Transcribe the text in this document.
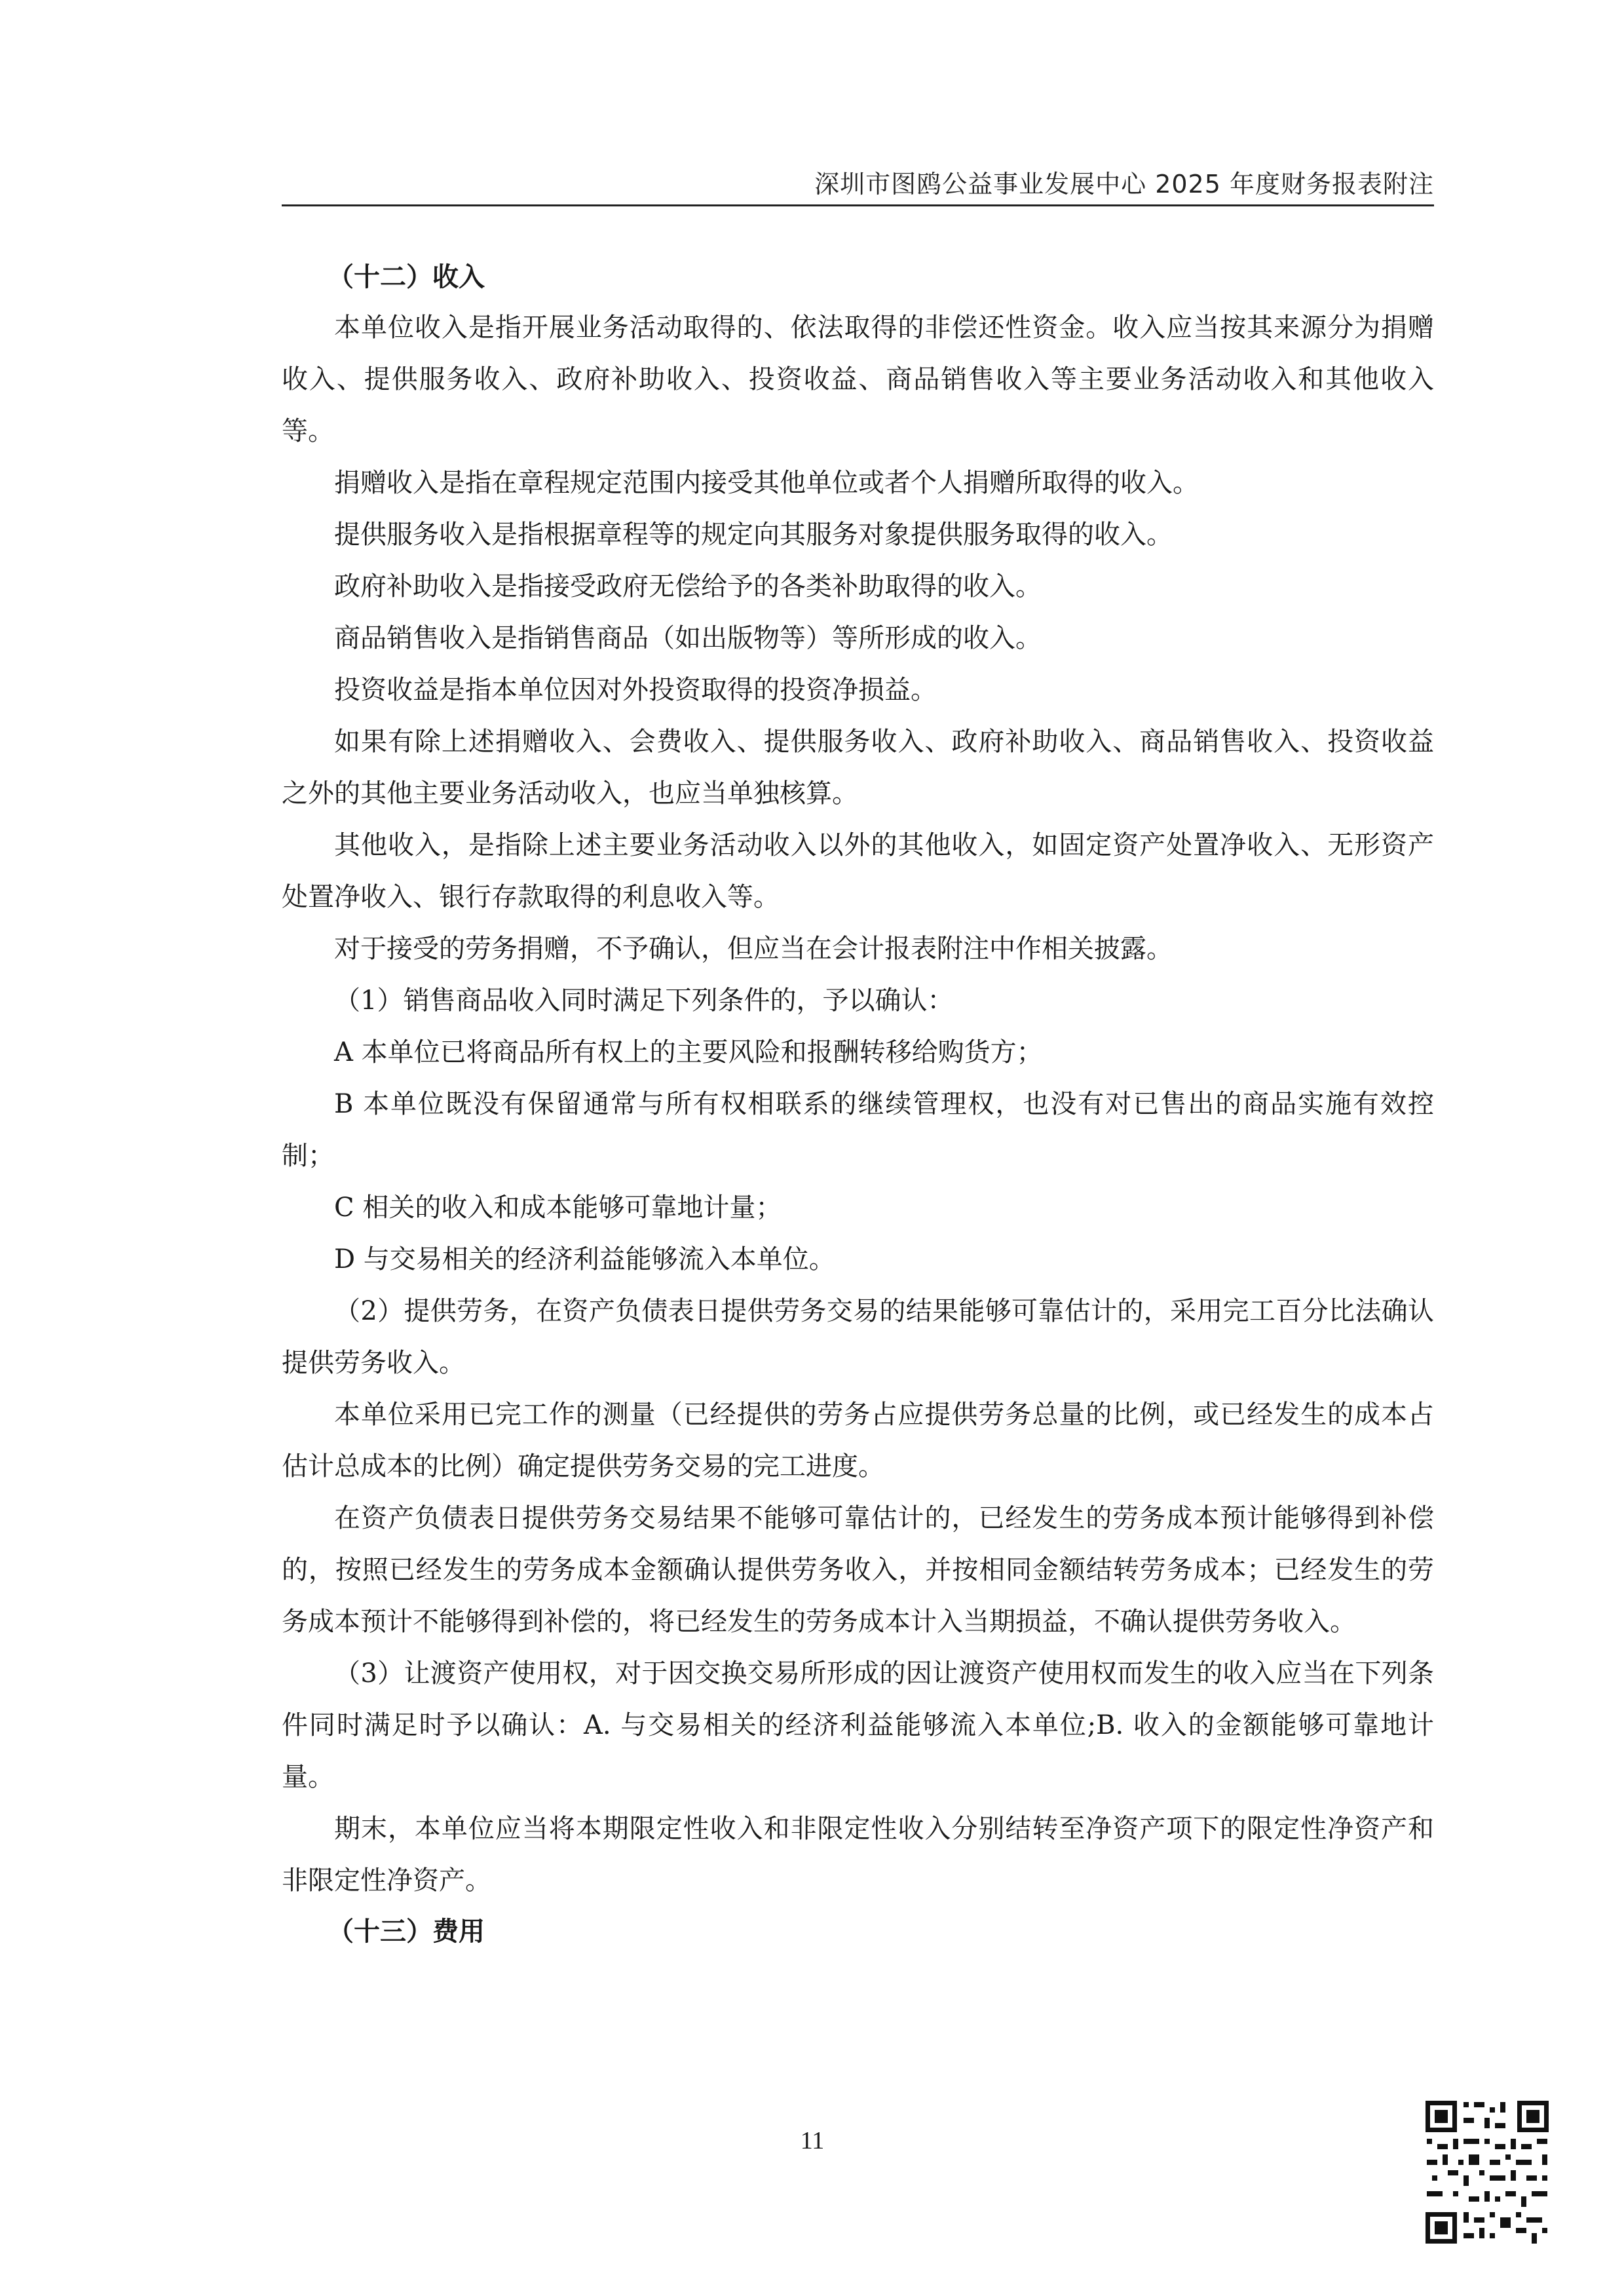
深圳市图鸥公益事业发展中心 2025 年度财务报表附注
（十二）收入

本单位收入是指开展业务活动取得的、依法取得的非偿还性资金。收入应当按其来源分为捐赠收入、提供服务收入、政府补助收入、投资收益、商品销售收入等主要业务活动收入和其他收入等。

捐赠收入是指在章程规定范围内接受其他单位或者个人捐赠所取得的收入。

提供服务收入是指根据章程等的规定向其服务对象提供服务取得的收入。

政府补助收入是指接受政府无偿给予的各类补助取得的收入。

商品销售收入是指销售商品（如出版物等）等所形成的收入。

投资收益是指本单位因对外投资取得的投资净损益。

如果有除上述捐赠收入、会费收入、提供服务收入、政府补助收入、商品销售收入、投资收益之外的其他主要业务活动收入，也应当单独核算。

其他收入，是指除上述主要业务活动收入以外的其他收入，如固定资产处置净收入、无形资产处置净收入、银行存款取得的利息收入等。

对于接受的劳务捐赠，不予确认，但应当在会计报表附注中作相关披露。

（1）销售商品收入同时满足下列条件的，予以确认：

A 本单位已将商品所有权上的主要风险和报酬转移给购货方；

B 本单位既没有保留通常与所有权相联系的继续管理权，也没有对已售出的商品实施有效控制；

C 相关的收入和成本能够可靠地计量；

D 与交易相关的经济利益能够流入本单位。

（2）提供劳务，在资产负债表日提供劳务交易的结果能够可靠估计的，采用完工百分比法确认提供劳务收入。

本单位采用已完工作的测量（已经提供的劳务占应提供劳务总量的比例，或已经发生的成本占估计总成本的比例）确定提供劳务交易的完工进度。

在资产负债表日提供劳务交易结果不能够可靠估计的，已经发生的劳务成本预计能够得到补偿的，按照已经发生的劳务成本金额确认提供劳务收入，并按相同金额结转劳务成本；已经发生的劳务成本预计不能够得到补偿的，将已经发生的劳务成本计入当期损益，不确认提供劳务收入。

（3）让渡资产使用权，对于因交换交易所形成的因让渡资产使用权而发生的收入应当在下列条件同时满足时予以确认：A. 与交易相关的经济利益能够流入本单位;B. 收入的金额能够可靠地计量。

期末，本单位应当将本期限定性收入和非限定性收入分别结转至净资产项下的限定性净资产和非限定性净资产。

（十三）费用
11
